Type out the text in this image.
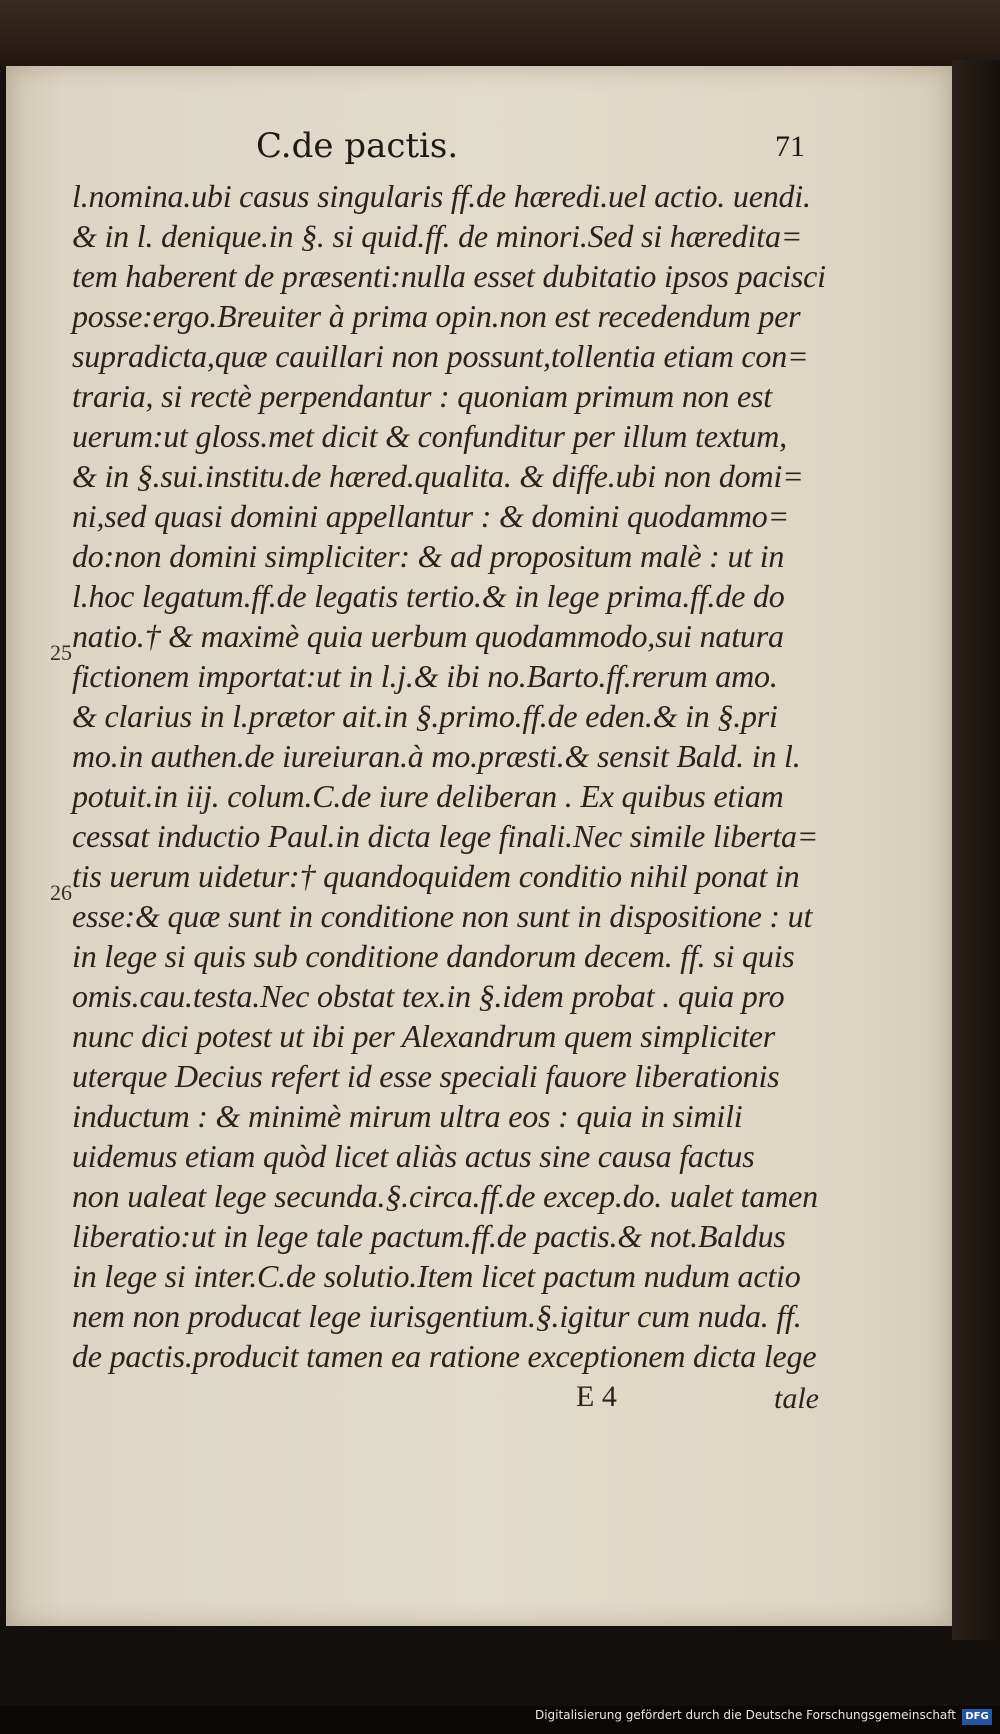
C.de pactis.	71
l.nomina.ubi casus singularis ff.de hæredi.uel actio. uendi.
& in l. denique.in §. si quid.ff. de minori.Sed si hæredita=
tem haberent de præsenti:nulla esset dubitatio ipsos pacisci
posse:ergo.Breuiter à prima opin.non est recedendum per
supradicta,quæ cauillari non possunt,tollentia etiam con=
traria, si rectè perpendantur : quoniam primum non est
uerum:ut gloss.met dicit & confunditur per illum textum,
& in §.sui.institu.de hæred.qualita. & diffe.ubi non domi=
ni,sed quasi domini appellantur : & domini quodammo=
do:non domini simpliciter: & ad propositum malè : ut in
l.hoc legatum.ff.de legatis tertio.& in lege prima.ff.de do
natio.† & maximè quia uerbum quodammodo,sui natura
fictionem importat:ut in l.j.& ibi no.Barto.ff.rerum amo.
& clarius in l.prætor ait.in §.primo.ff.de eden.& in §.pri
mo.in authen.de iureiuran.à mo.præsti.& sensit Bald. in l.
potuit.in iij. colum.C.de iure deliberan . Ex quibus etiam
cessat inductio Paul.in dicta lege finali.Nec simile liberta=
tis uerum uidetur:† quandoquidem conditio nihil ponat in
esse:& quæ sunt in conditione non sunt in dispositione : ut
in lege si quis sub conditione dandorum decem. ff. si quis
omis.cau.testa.Nec obstat tex.in §.idem probat . quia pro
nunc dici potest ut ibi per Alexandrum quem simpliciter
uterque Decius refert id esse speciali fauore liberationis
inductum : & minimè mirum ultra eos : quia in simili
uidemus etiam quòd licet aliàs actus sine causa factus
non ualeat lege secunda.§.circa.ff.de excep.do. ualet tamen
liberatio:ut in lege tale pactum.ff.de pactis.& not.Baldus
in lege si inter.C.de solutio.Item licet pactum nudum actio
nem non producat lege iurisgentium.§.igitur cum nuda. ff.
de pactis.producit tamen ea ratione exceptionem dicta lege
25
26
E 4	tale
Digitalisierung gefördert durch die Deutsche Forschungsgemeinschaft DFG
